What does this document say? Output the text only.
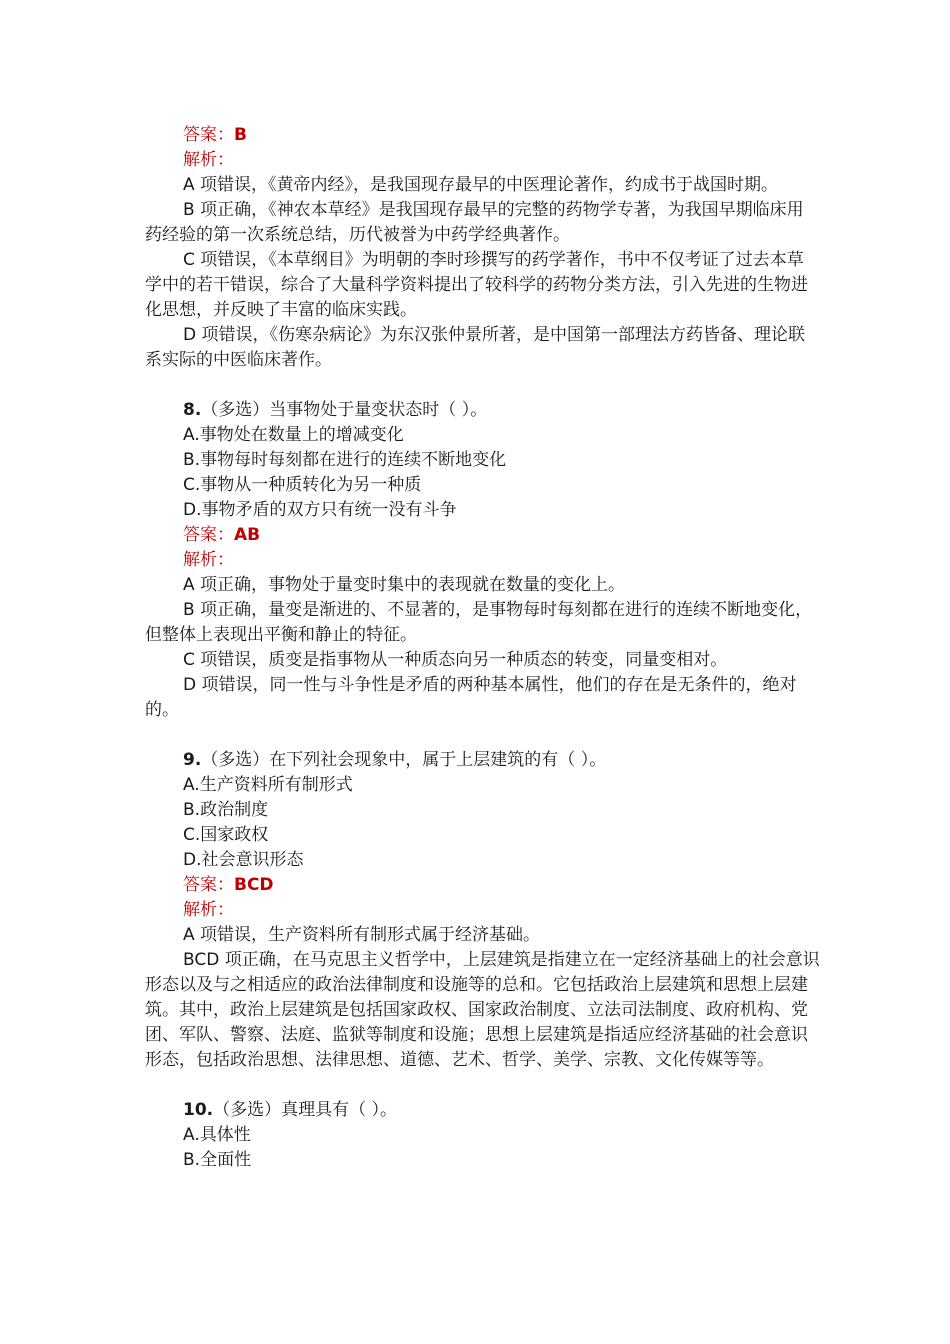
答案：B
解析：
A 项错误，《黄帝内经》，是我国现存最早的中医理论著作，约成书于战国时期。
B 项正确，《神农本草经》是我国现存最早的完整的药物学专著，为我国早期临床用药经验的第一次系统总结，历代被誉为中药学经典著作。
C 项错误，《本草纲目》为明朝的李时珍撰写的药学著作，书中不仅考证了过去本草学中的若干错误，综合了大量科学资料提出了较科学的药物分类方法，引入先进的生物进化思想，并反映了丰富的临床实践。
D 项错误，《伤寒杂病论》为东汉张仲景所著，是中国第一部理法方药皆备、理论联系实际的中医临床著作。
8.（多选）当事物处于量变状态时（ ）。
A.事物处在数量上的增减变化
B.事物每时每刻都在进行的连续不断地变化
C.事物从一种质转化为另一种质
D.事物矛盾的双方只有统一没有斗争
答案：AB
解析：
A 项正确，事物处于量变时集中的表现就在数量的变化上。
B 项正确，量变是渐进的、不显著的，是事物每时每刻都在进行的连续不断地变化，但整体上表现出平衡和静止的特征。
C 项错误，质变是指事物从一种质态向另一种质态的转变，同量变相对。
D 项错误，同一性与斗争性是矛盾的两种基本属性，他们的存在是无条件的，绝对的。
9.（多选）在下列社会现象中，属于上层建筑的有（ ）。
A.生产资料所有制形式
B.政治制度
C.国家政权
D.社会意识形态
答案：BCD
解析：
A 项错误，生产资料所有制形式属于经济基础。
BCD 项正确，在马克思主义哲学中，上层建筑是指建立在一定经济基础上的社会意识形态以及与之相适应的政治法律制度和设施等的总和。它包括政治上层建筑和思想上层建筑。其中，政治上层建筑是包括国家政权、国家政治制度、立法司法制度、政府机构、党团、军队、警察、法庭、监狱等制度和设施；思想上层建筑是指适应经济基础的社会意识形态，包括政治思想、法律思想、道德、艺术、哲学、美学、宗教、文化传媒等等。
10.（多选）真理具有（ ）。
A.具体性
B.全面性
